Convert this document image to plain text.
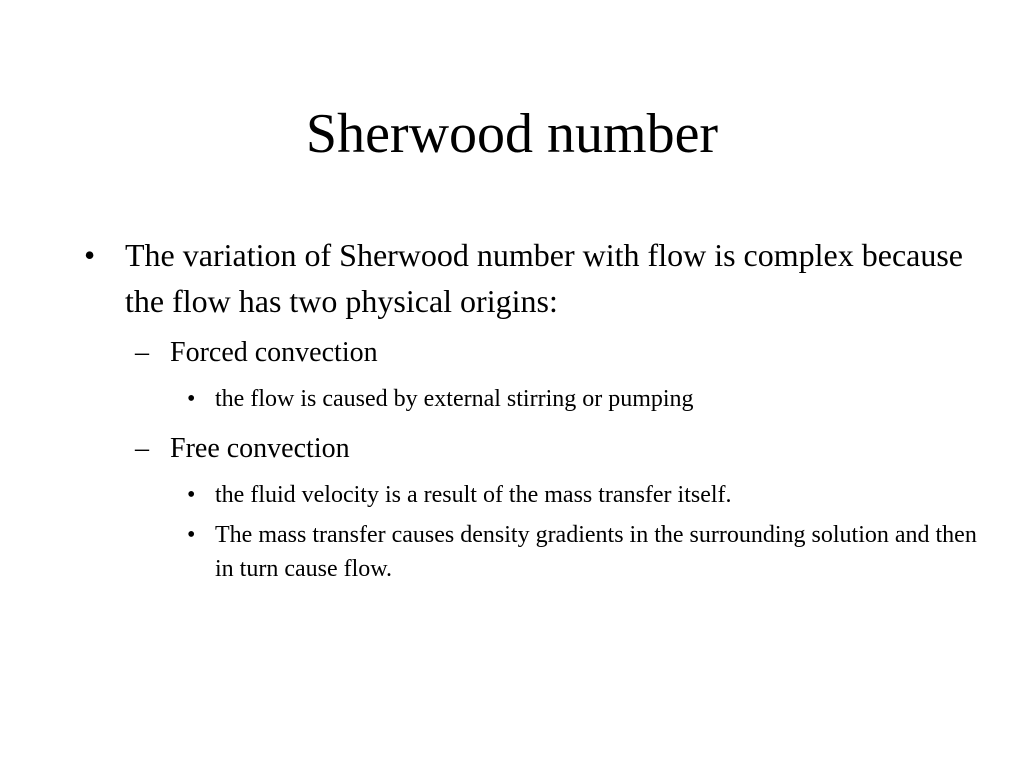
Sherwood number
• The variation of Sherwood number with flow is complex because the flow has two physical origins:
– Forced convection
• the flow is caused by external stirring or pumping
– Free convection
• the fluid velocity is a result of the mass transfer itself.
• The mass transfer causes density gradients in the surrounding solution and then in turn cause flow.
